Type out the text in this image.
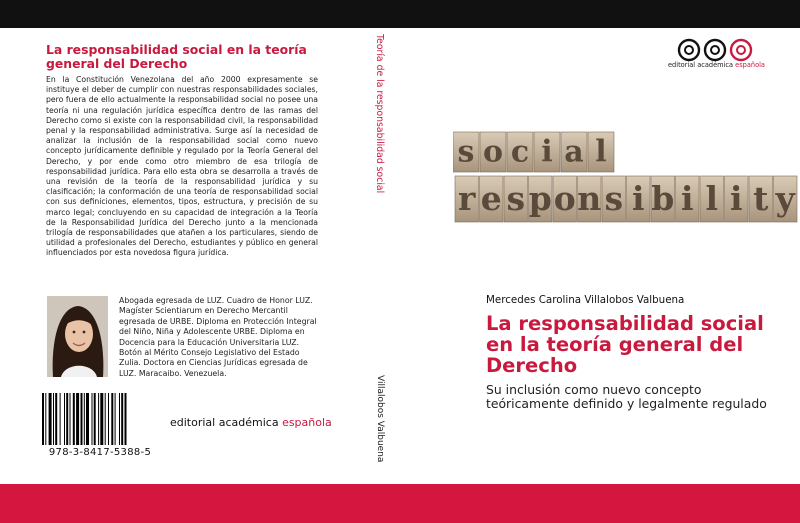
La responsabilidad social en la teoría general del Derecho
En la Constitución Venezolana del año 2000 expresamente se instituye el deber de cumplir con nuestras responsabilidades sociales, pero fuera de ello actualmente la responsabilidad social no posee una teoría ni una regulación jurídica específica dentro de las ramas del Derecho como si existe con la responsabilidad civil, la responsabilidad penal y la responsabilidad administrativa. Surge así la necesidad de analizar la inclusión de la responsabilidad social como nuevo concepto jurídicamente definible y regulado por la Teoría General del Derecho, y por ende como otro miembro de esa trilogía de responsabilidad jurídica. Para ello esta obra se desarrolla a través de una revisión de la teoría de la responsabilidad jurídica y su clasificación; la conformación de una teoría de responsabilidad social con sus definiciones, elementos, tipos, estructura, y precisión de su marco legal; concluyendo en su capacidad de integración a la Teoría de la Responsabilidad Jurídica del Derecho junto a la mencionada trilogía de responsabilidades que atañen a los particulares, siendo de utilidad a profesionales del Derecho, estudiantes y público en general influenciados por esta novedosa figura jurídica.
Abogada egresada de LUZ. Cuadro de Honor LUZ. Magíster Scientiarum en Derecho Mercantil egresada de URBE. Diploma en Protección Integral del Niño, Niña y Adolescente URBE. Diploma en Docencia para la Educación Universitaria LUZ. Botón al Mérito Consejo Legislativo del Estado Zulia. Doctora en Ciencias Jurídicas egresada de LUZ. Maracaibo. Venezuela.
978-3-8417-5388-5
editorial académica española
Teoría de la responsabilidad social
Villalobos Valbuena
editorial académica española
s o c i a l
r e s p o n s i b i l i t y
Mercedes Carolina Villalobos Valbuena
La responsabilidad social en la teoría general del Derecho
Su inclusión como nuevo concepto teóricamente definido y legalmente regulado
